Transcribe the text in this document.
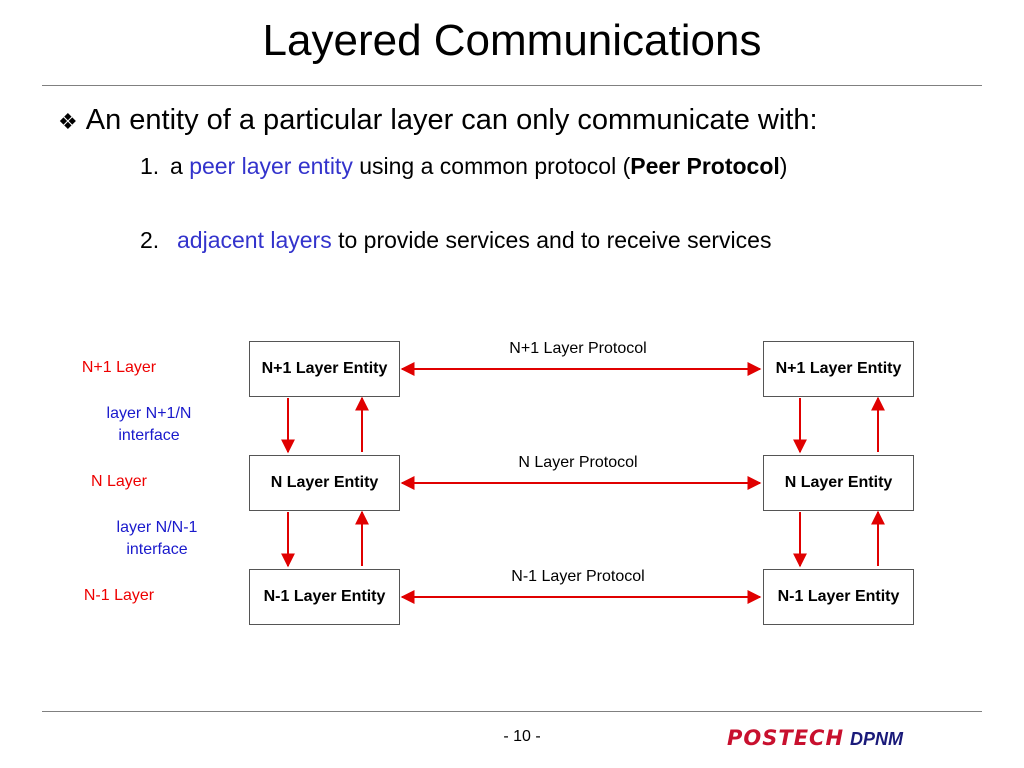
Layered Communications
❖ An entity of a particular layer can only communicate with:
1. a peer layer entity using a common protocol (Peer Protocol)
2. adjacent layers to provide services and to receive services
N+1 Layer
layer N+1/N interface
N Layer
layer N/N-1 interface
N-1 Layer
N+1 Layer Protocol
N Layer Protocol
N-1 Layer Protocol
N+1 Layer Entity
N Layer Entity
N-1 Layer Entity
N+1 Layer Entity
N Layer Entity
N-1 Layer Entity
- 10 -	POSTECH DPNM
